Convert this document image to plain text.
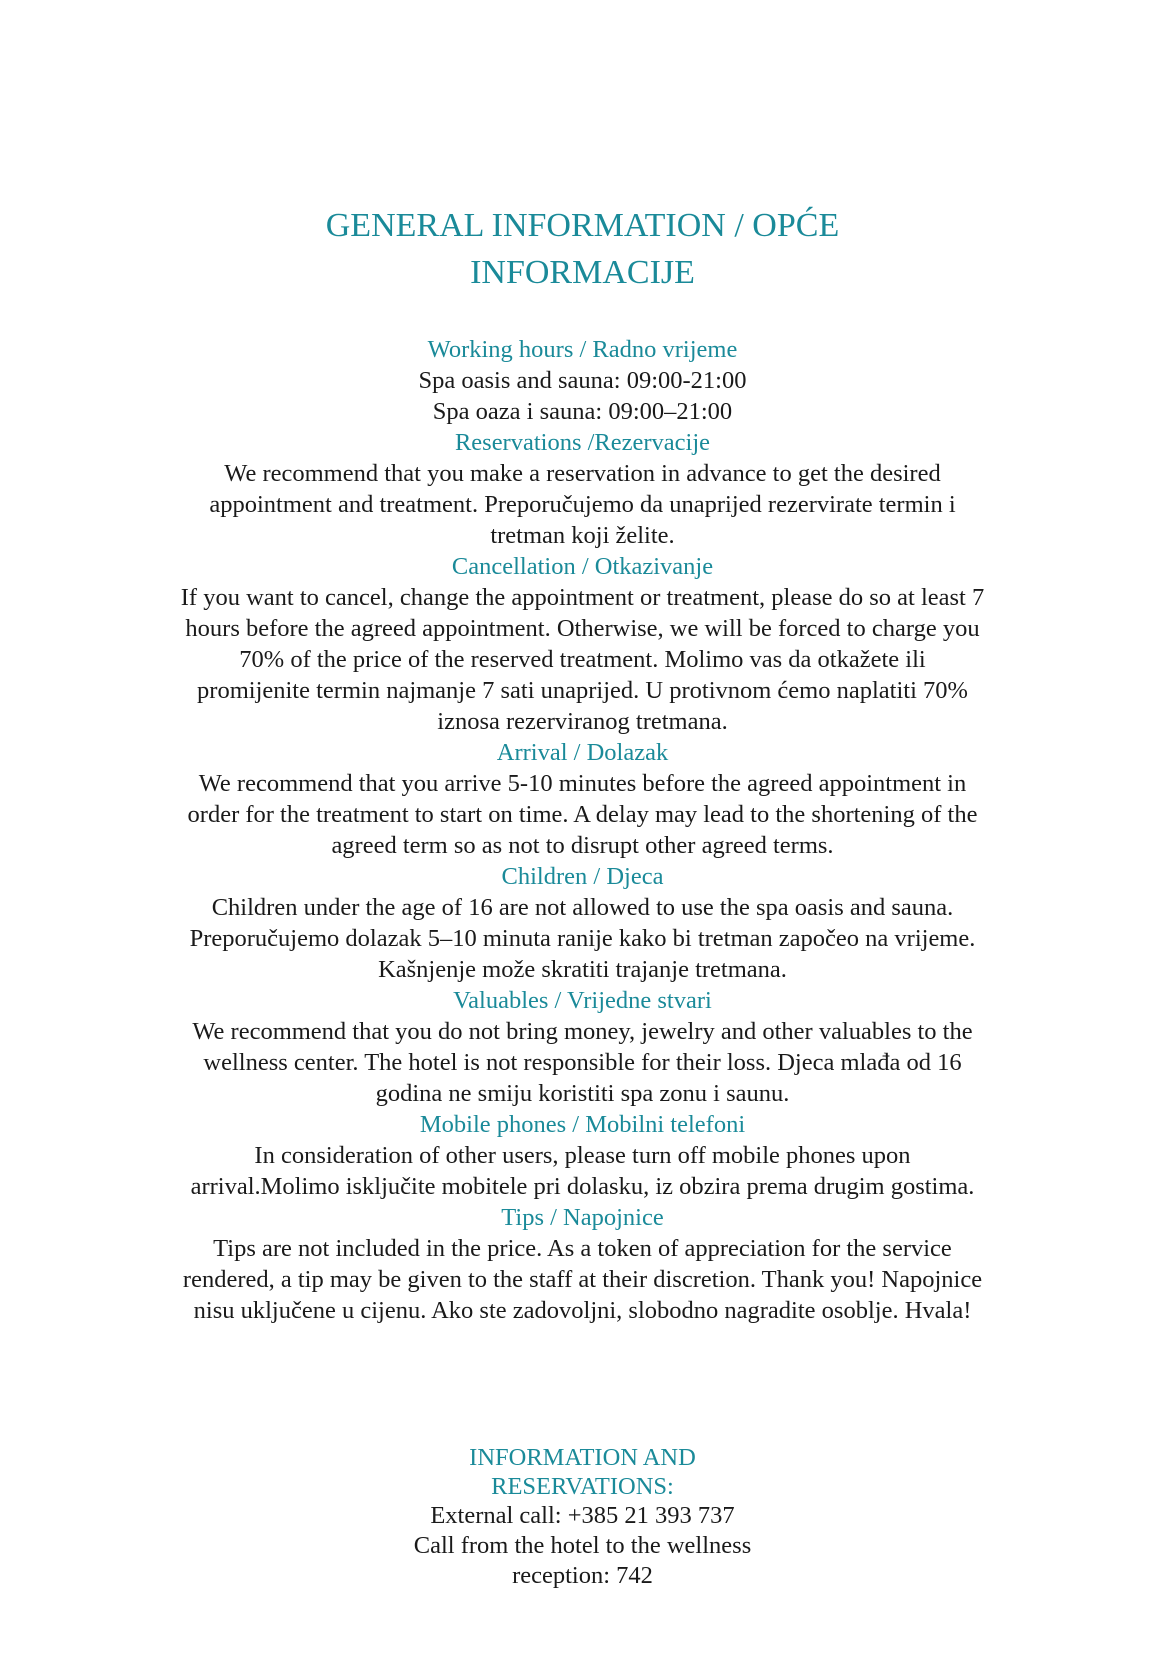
GENERAL INFORMATION / OPĆE INFORMACIJE

Working hours / Radno vrijeme

Spa oasis and sauna: 09:00-21:00

Spa oaza i sauna: 09:00–21:00

Reservations /Rezervacije

We recommend that you make a reservation in advance to get the desired appointment and treatment. Preporučujemo da unaprijed rezervirate termin i tretman koji želite.

Cancellation / Otkazivanje

If you want to cancel, change the appointment or treatment, please do so at least 7 hours before the agreed appointment. Otherwise, we will be forced to charge you 70% of the price of the reserved treatment. Molimo vas da otkažete ili promijenite termin najmanje 7 sati unaprijed. U protivnom ćemo naplatiti 70% iznosa rezerviranog tretmana.

Arrival / Dolazak

We recommend that you arrive 5-10 minutes before the agreed appointment in order for the treatment to start on time. A delay may lead to the shortening of the agreed term so as not to disrupt other agreed terms.

Children / Djeca

Children under the age of 16 are not allowed to use the spa oasis and sauna. Preporučujemo dolazak 5–10 minuta ranije kako bi tretman započeo na vrijeme. Kašnjenje može skratiti trajanje tretmana.

Valuables / Vrijedne stvari

We recommend that you do not bring money, jewelry and other valuables to the wellness center. The hotel is not responsible for their loss. Djeca mlađa od 16 godina ne smiju koristiti spa zonu i saunu.

Mobile phones / Mobilni telefoni

In consideration of other users, please turn off mobile phones upon arrival.Molimo isključite mobitele pri dolasku, iz obzira prema drugim gostima.

Tips / Napojnice

Tips are not included in the price. As a token of appreciation for the service rendered, a tip may be given to the staff at their discretion. Thank you! Napojnice nisu uključene u cijenu. Ako ste zadovoljni, slobodno nagradite osoblje. Hvala!

INFORMATION AND RESERVATIONS:

External call: +385 21 393 737

Call from the hotel to the wellness reception: 742
